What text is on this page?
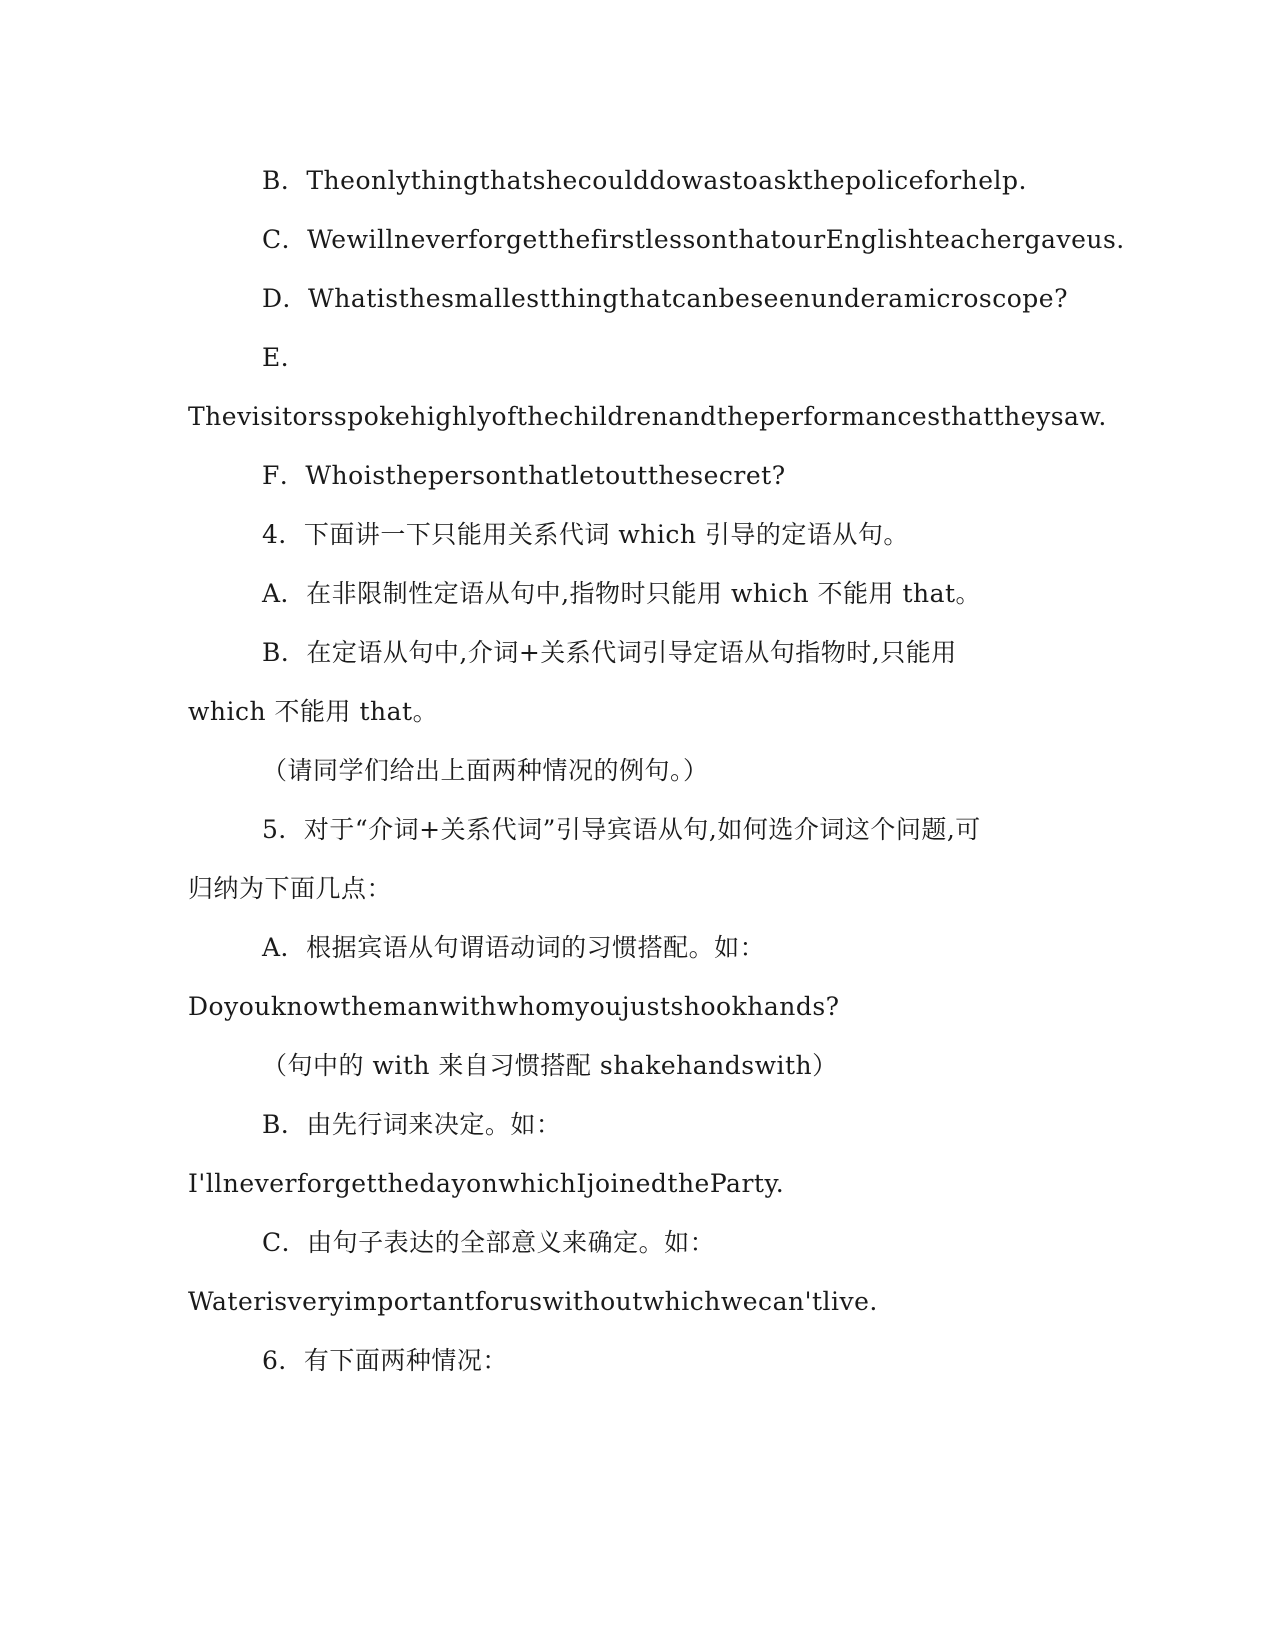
B．Theonlythingthatshecoulddowastoaskthepoliceforhelp.
C．WewillneverforgetthefirstlessonthatourEnglishteachergaveus.
D．Whatisthesmallestthingthatcanbeseenunderamicroscope?
E．
Thevisitorsspokehighlyofthechildrenandtheperformancesthattheysaw.
F．Whoisthepersonthatletoutthesecret?
4．下面讲一下只能用关系代词 which 引导的定语从句。
A．在非限制性定语从句中,指物时只能用 which 不能用 that。
B．在定语从句中,介词+关系代词引导定语从句指物时,只能用
which 不能用 that。
（请同学们给出上面两种情况的例句。）
5．对于“介词+关系代词”引导宾语从句,如何选介词这个问题,可
归纳为下面几点：
A．根据宾语从句谓语动词的习惯搭配。如：
Doyouknowthemanwithwhomyoujustshookhands?
（句中的 with 来自习惯搭配 shakehandswith）
B．由先行词来决定。如：
I'llneverforgetthedayonwhichIjoinedtheParty.
C．由句子表达的全部意义来确定。如：
Waterisveryimportantforuswithoutwhichwecan'tlive.
6．有下面两种情况：
